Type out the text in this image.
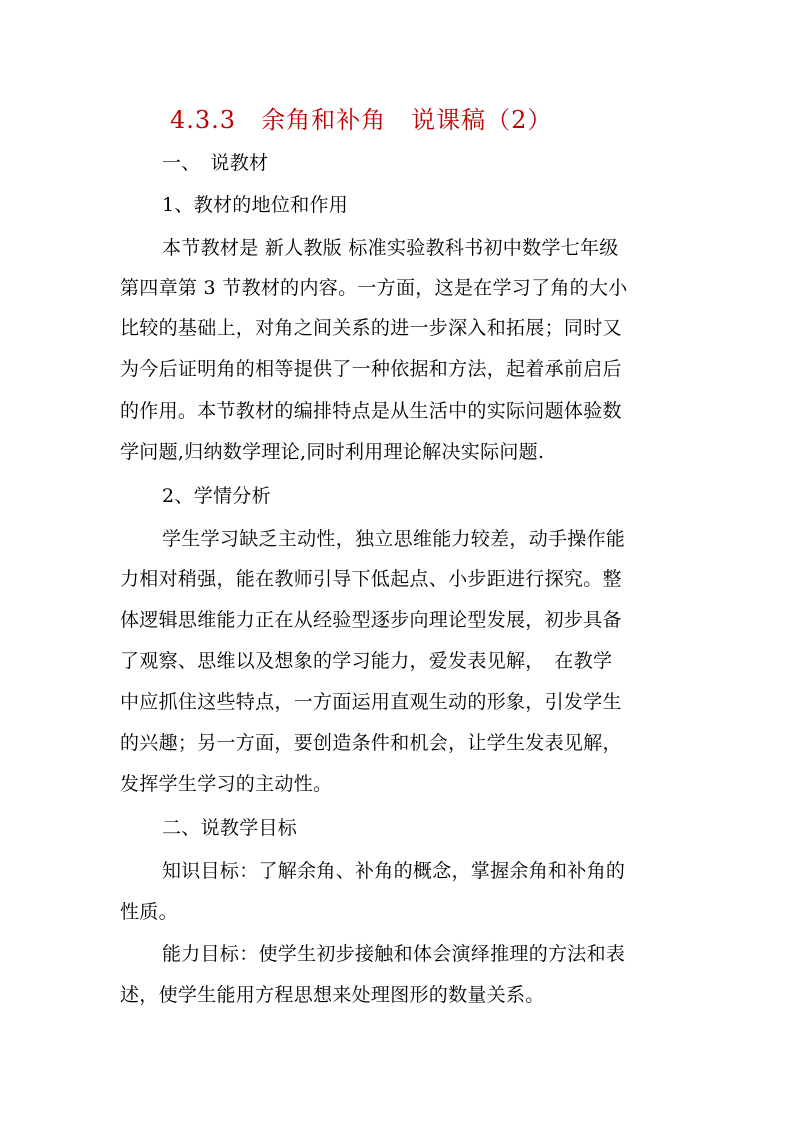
4.3.3　余角和补角　说课稿（2）
一、　说教材
1、教材的地位和作用
本节教材是 新人教版 标准实验教科书初中数学七年级
第四章第 3 节教材的内容。一方面，这是在学习了角的大小
比较的基础上，对角之间关系的进一步深入和拓展；同时又
为今后证明角的相等提供了一种依据和方法，起着承前启后
的作用。本节教材的编排特点是从生活中的实际问题体验数
学问题,归纳数学理论,同时利用理论解决实际问题.
2、学情分析
学生学习缺乏主动性，独立思维能力较差，动手操作能
力相对稍强，能在教师引导下低起点、小步距进行探究。整
体逻辑思维能力正在从经验型逐步向理论型发展，初步具备
了观察、思维以及想象的学习能力，爱发表见解，　在教学
中应抓住这些特点，一方面运用直观生动的形象，引发学生
的兴趣；另一方面，要创造条件和机会，让学生发表见解，
发挥学生学习的主动性。
二、说教学目标
知识目标：了解余角、补角的概念，掌握余角和补角的
性质。
能力目标：使学生初步接触和体会演绎推理的方法和表
述，使学生能用方程思想来处理图形的数量关系。
